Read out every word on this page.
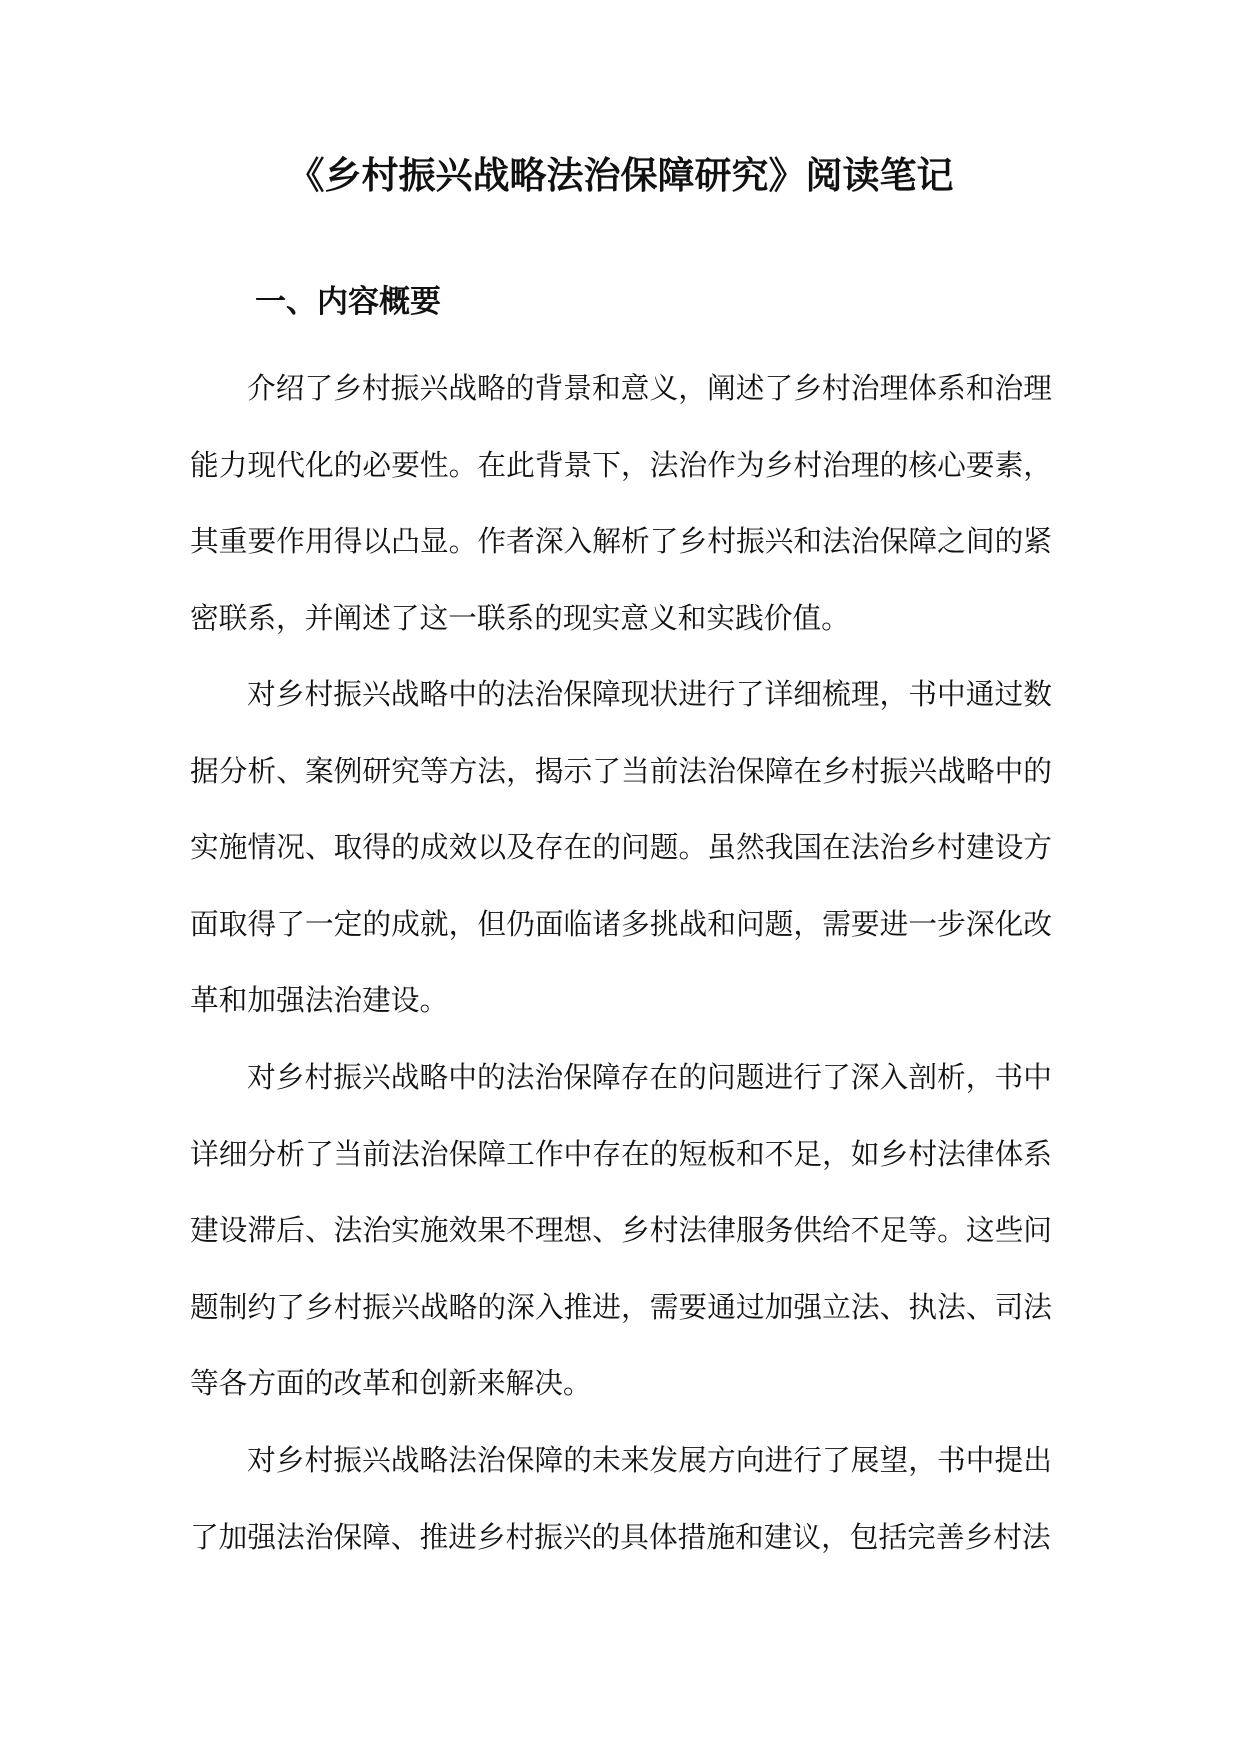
《乡村振兴战略法治保障研究》阅读笔记
一、内容概要

介绍了乡村振兴战略的背景和意义，阐述了乡村治理体系和治理能力现代化的必要性。在此背景下，法治作为乡村治理的核心要素，其重要作用得以凸显。作者深入解析了乡村振兴和法治保障之间的紧密联系，并阐述了这一联系的现实意义和实践价值。

对乡村振兴战略中的法治保障现状进行了详细梳理，书中通过数据分析、案例研究等方法，揭示了当前法治保障在乡村振兴战略中的实施情况、取得的成效以及存在的问题。虽然我国在法治乡村建设方面取得了一定的成就，但仍面临诸多挑战和问题，需要进一步深化改革和加强法治建设。

对乡村振兴战略中的法治保障存在的问题进行了深入剖析，书中详细分析了当前法治保障工作中存在的短板和不足，如乡村法律体系建设滞后、法治实施效果不理想、乡村法律服务供给不足等。这些问题制约了乡村振兴战略的深入推进，需要通过加强立法、执法、司法等各方面的改革和创新来解决。

对乡村振兴战略法治保障的未来发展方向进行了展望，书中提出了加强法治保障、推进乡村振兴的具体措施和建议，包括完善乡村法
